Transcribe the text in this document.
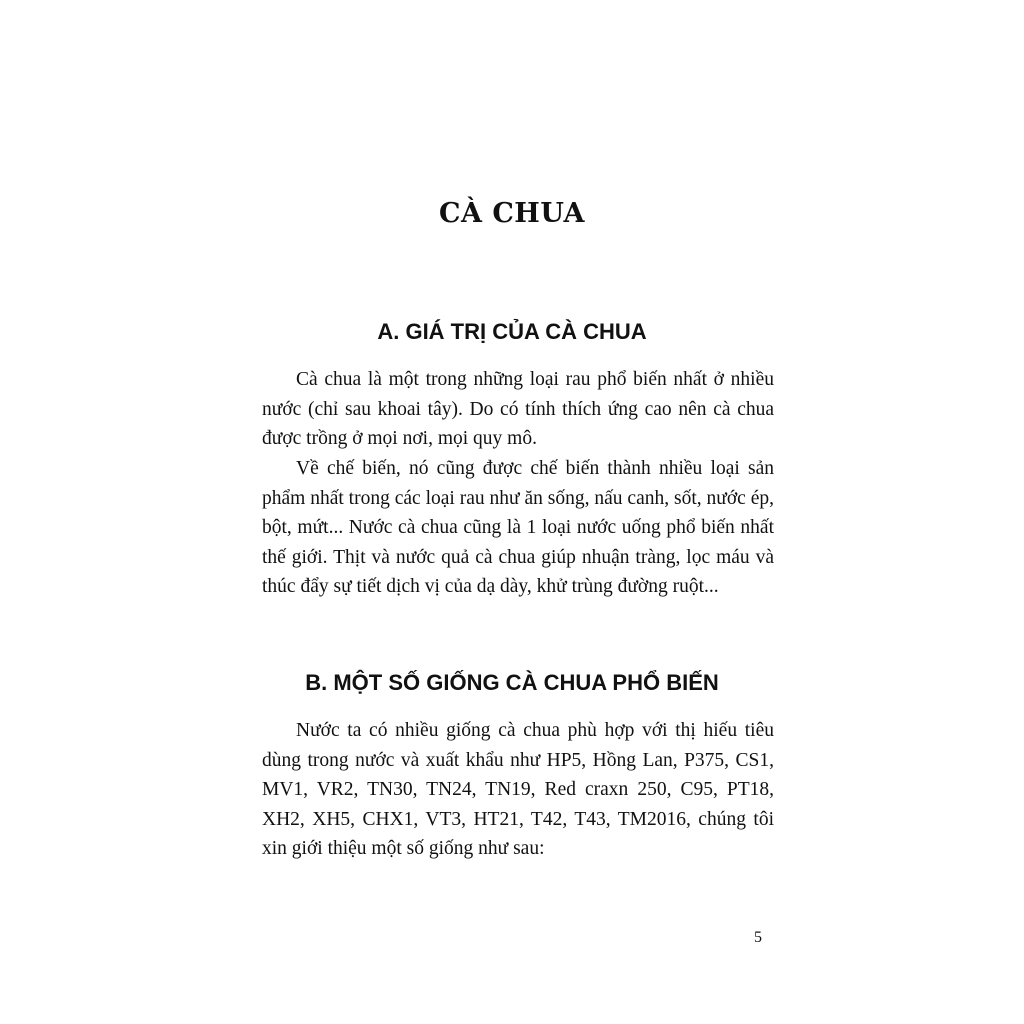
CÀ CHUA
A. GIÁ TRỊ CỦA CÀ CHUA

Cà chua là một trong những loại rau phổ biến nhất ở nhiều nước (chỉ sau khoai tây). Do có tính thích ứng cao nên cà chua được trồng ở mọi nơi, mọi quy mô.

Về chế biến, nó cũng được chế biến thành nhiều loại sản phẩm nhất trong các loại rau như ăn sống, nấu canh, sốt, nước ép, bột, mứt... Nước cà chua cũng là 1 loại nước uống phổ biến nhất thế giới. Thịt và nước quả cà chua giúp nhuận tràng, lọc máu và thúc đẩy sự tiết dịch vị của dạ dày, khử trùng đường ruột...

B. MỘT SỐ GIỐNG CÀ CHUA PHỔ BIẾN

Nước ta có nhiều giống cà chua phù hợp với thị hiếu tiêu dùng trong nước và xuất khẩu như HP5, Hồng Lan, P375, CS1, MV1, VR2, TN30, TN24, TN19, Red craxn 250, C95, PT18, XH2, XH5, CHX1, VT3, HT21, T42, T43, TM2016, chúng tôi xin giới thiệu một số giống như sau:

5
